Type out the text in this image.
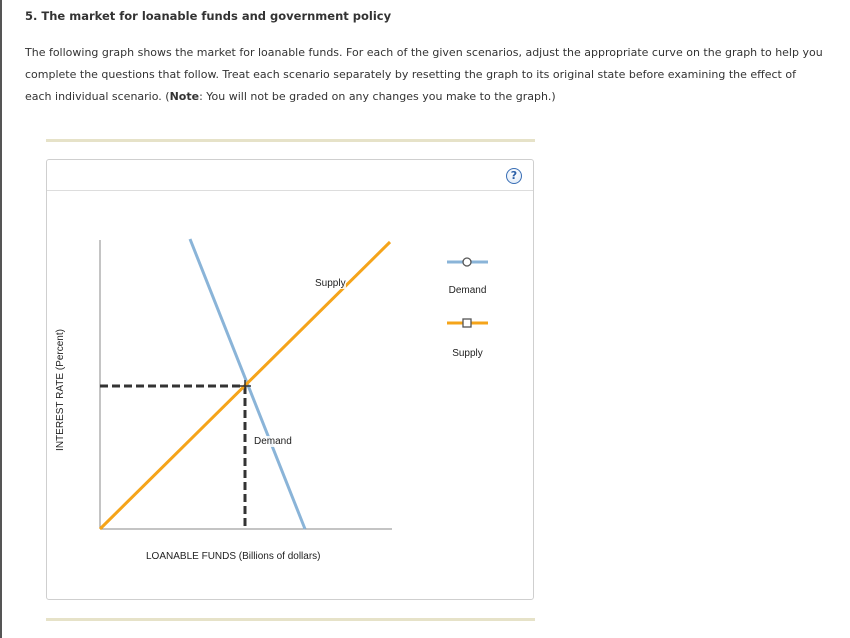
5. The market for loanable funds and government policy
The following graph shows the market for loanable funds. For each of the given scenarios, adjust the appropriate curve on the graph to help you complete the questions that follow. Treat each scenario separately by resetting the graph to its original state before examining the effect of each individual scenario. (Note: You will not be graded on any changes you make to the graph.)
?
INTEREST RATE (Percent)
LOANABLE FUNDS (Billions of dollars)
Supply
Demand
Demand
Supply
